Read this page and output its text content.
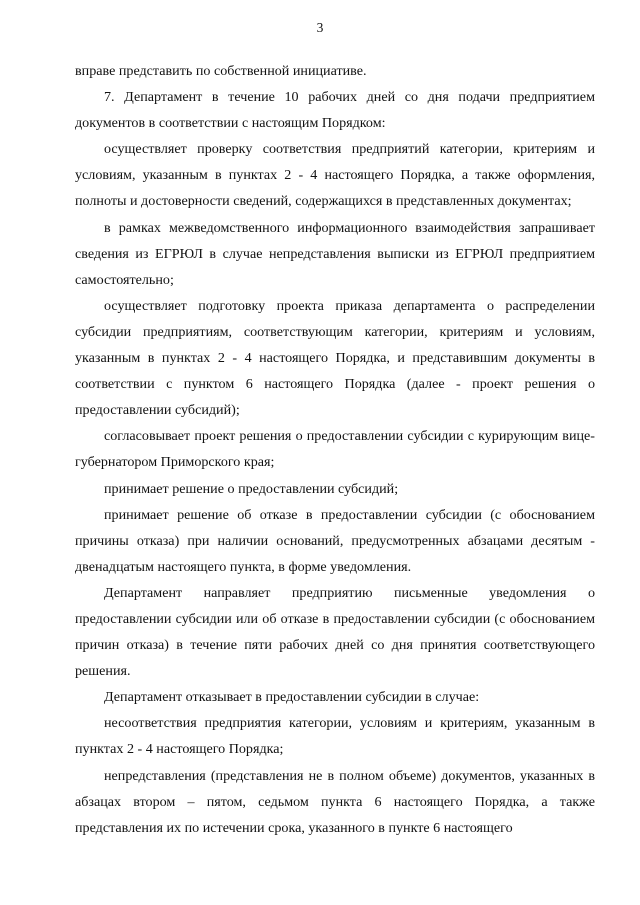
3

вправе представить по собственной инициативе.

7. Департамент в течение 10 рабочих дней со дня подачи предприятием документов в соответствии с настоящим Порядком:

осуществляет проверку соответствия предприятий категории, критериям и условиям, указанным в пунктах 2 - 4 настоящего Порядка, а также оформления, полноты и достоверности сведений, содержащихся в представленных документах;

в рамках межведомственного информационного взаимодействия запрашивает сведения из ЕГРЮЛ в случае непредставления выписки из ЕГРЮЛ предприятием самостоятельно;

осуществляет подготовку проекта приказа департамента о распределении субсидии предприятиям, соответствующим категории, критериям и условиям, указанным в пунктах 2 - 4 настоящего Порядка, и представившим документы в соответствии с пунктом 6 настоящего Порядка (далее - проект решения о предоставлении субсидий);

согласовывает проект решения о предоставлении субсидии с курирующим вице-губернатором Приморского края;

принимает решение о предоставлении субсидий;

принимает решение об отказе в предоставлении субсидии (с обоснованием причины отказа) при наличии оснований, предусмотренных абзацами десятым - двенадцатым настоящего пункта, в форме уведомления.

Департамент направляет предприятию письменные уведомления о предоставлении субсидии или об отказе в предоставлении субсидии (с обоснованием причин отказа) в течение пяти рабочих дней со дня принятия соответствующего решения.

Департамент отказывает в предоставлении субсидии в случае:

несоответствия предприятия категории, условиям и критериям, указанным в пунктах 2 - 4 настоящего Порядка;

непредставления (представления не в полном объеме) документов, указанных в абзацах втором – пятом, седьмом пункта 6 настоящего Порядка, а также представления их по истечении срока, указанного в пункте 6 настоящего
